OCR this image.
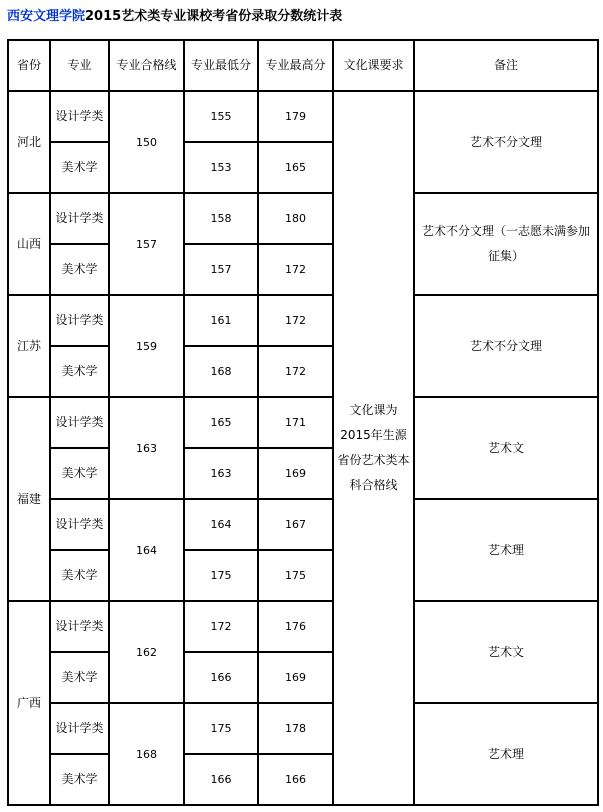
西安文理学院2015艺术类专业课校考省份录取分数统计表
省份	专业	专业合格线	专业最低分	专业最高分	文化课要求	备注
河北	设计学类	150	155	179	文化课为2015年生源省份艺术类本科合格线	艺术不分文理
	美术学		153	165		
山西	设计学类	157	158	180		艺术不分文理（一志愿未满参加征集）
	美术学		157	172		
江苏	设计学类	159	161	172		艺术不分文理
	美术学		168	172		
福建	设计学类	163	165	171		艺术文
	美术学		163	169		
	设计学类	164	164	167		艺术理
	美术学		175	175		
广西	设计学类	162	172	176		艺术文
	美术学		166	169		
	设计学类	168	175	178		艺术理
	美术学		166	166		
